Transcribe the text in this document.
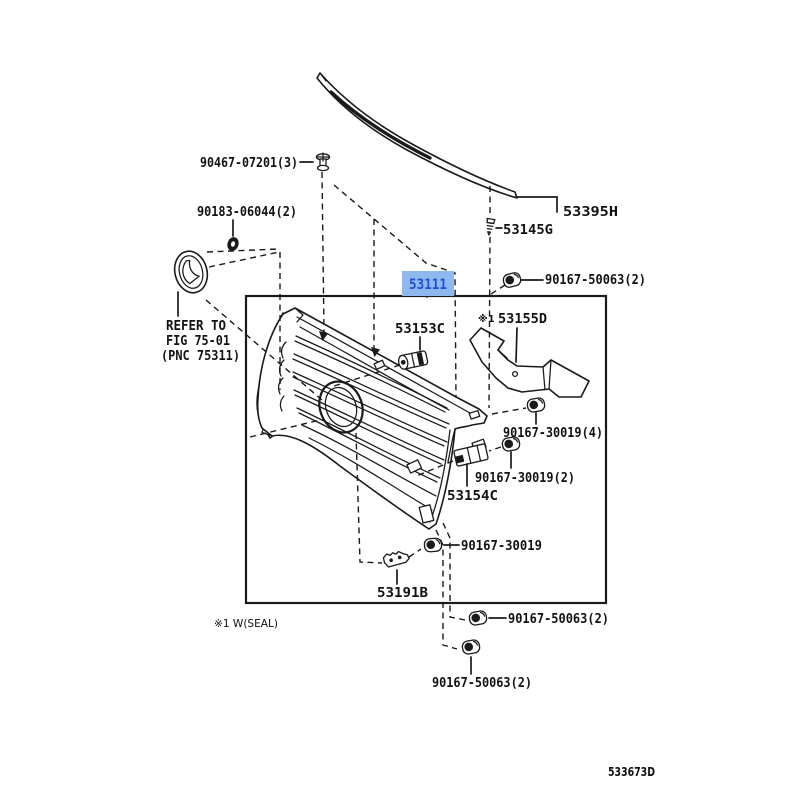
53111
90467-07201(3)
90183-06044(2)
REFER TO
FIG 75-01
(PNC 75311)
53395H
53145G
90167-50063(2)
53153C
※1 53155D
90167-30019(4)
90167-30019(2)
53154C
90167-30019
53191B
90167-50063(2)
90167-50063(2)
※1 W(SEAL)
533673D
